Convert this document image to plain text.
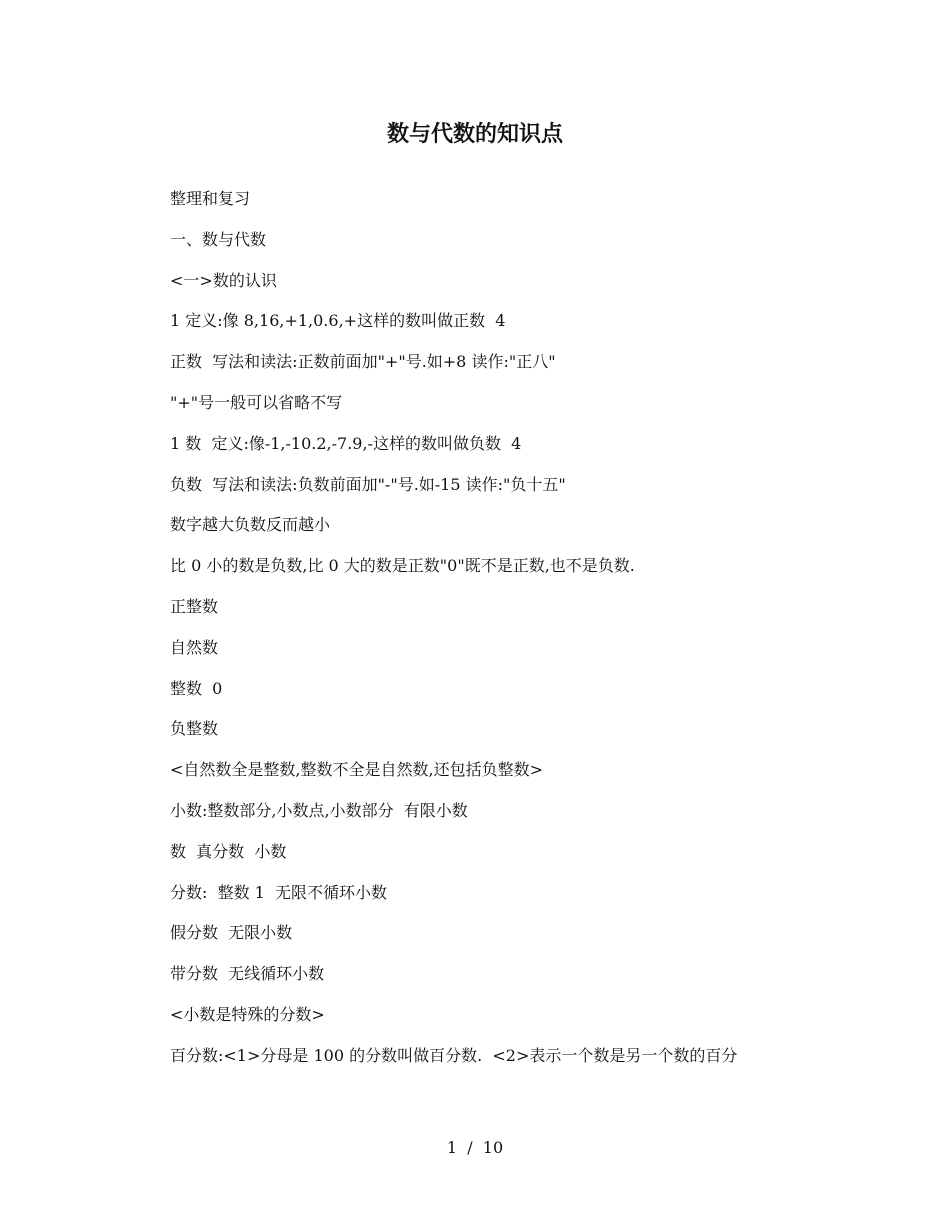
数与代数的知识点
整理和复习
一、数与代数
<一>数的认识
1 定义:像 8,16,+1,0.6,+这样的数叫做正数  4
正数  写法和读法:正数前面加"+"号.如+8 读作:"正八"
"+"号一般可以省略不写
1 数  定义:像-1,-10.2,-7.9,-这样的数叫做负数  4
负数  写法和读法:负数前面加"-"号.如-15 读作:"负十五"
数字越大负数反而越小
比 0 小的数是负数,比 0 大的数是正数"0"既不是正数,也不是负数.
正整数
自然数
整数  0
负整数
<自然数全是整数,整数不全是自然数,还包括负整数>
小数:整数部分,小数点,小数部分  有限小数
数  真分数  小数
分数:  整数 1  无限不循环小数
假分数  无限小数
带分数  无线循环小数
<小数是特殊的分数>
百分数:<1>分母是 100 的分数叫做百分数.  <2>表示一个数是另一个数的百分
1  /  10
